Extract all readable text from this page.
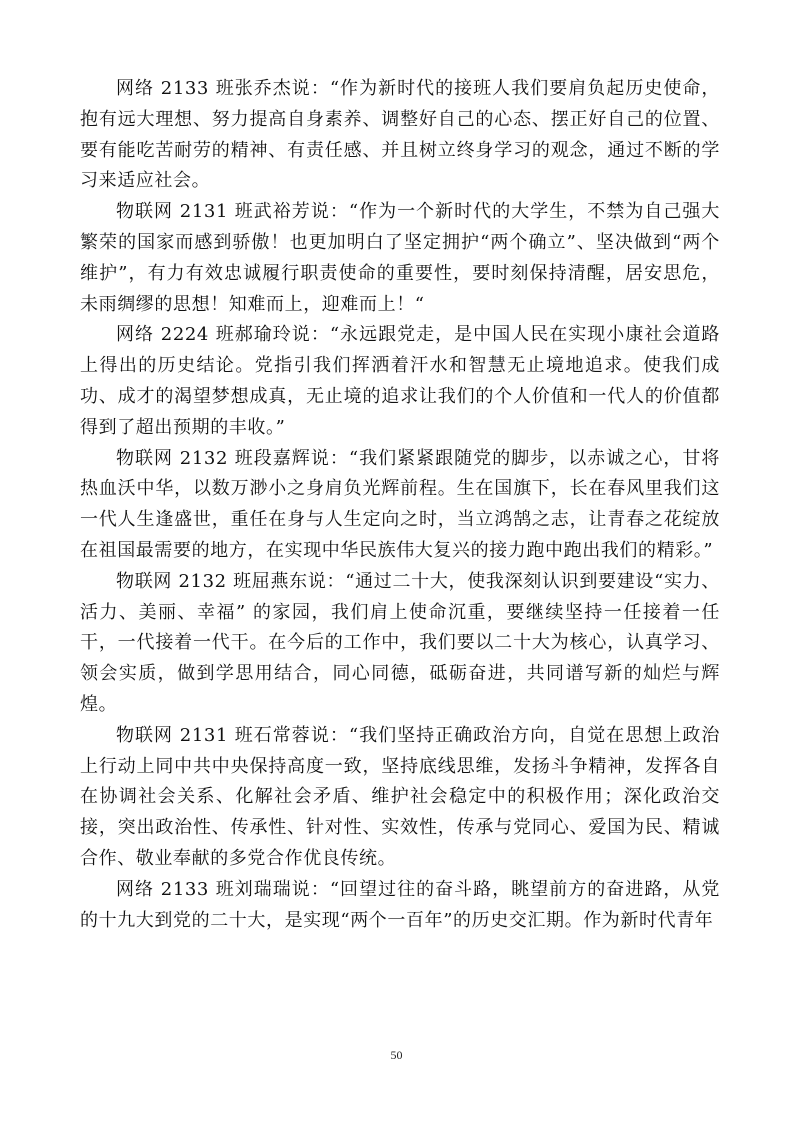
网络 2133 班张乔杰说：“作为新时代的接班人我们要肩负起历史使命，抱有远大理想、努力提高自身素养、调整好自己的心态、摆正好自己的位置、要有能吃苦耐劳的精神、有责任感、并且树立终身学习的观念，通过不断的学习来适应社会。

物联网 2131 班武裕芳说：“作为一个新时代的大学生，不禁为自己强大繁荣的国家而感到骄傲！也更加明白了坚定拥护“两个确立”、坚决做到“两个维护”，有力有效忠诚履行职责使命的重要性，要时刻保持清醒，居安思危，未雨绸缪的思想！知难而上，迎难而上！“

网络 2224 班郝瑜玲说：“永远跟党走，是中国人民在实现小康社会道路上得出的历史结论。党指引我们挥洒着汗水和智慧无止境地追求。使我们成功、成才的渴望梦想成真，无止境的追求让我们的个人价值和一代人的价值都得到了超出预期的丰收。”

物联网 2132 班段嘉辉说：“我们紧紧跟随党的脚步，以赤诚之心，甘将热血沃中华，以数万渺小之身肩负光辉前程。生在国旗下，长在春风里我们这一代人生逢盛世，重任在身与人生定向之时，当立鸿鹄之志，让青春之花绽放在祖国最需要的地方，在实现中华民族伟大复兴的接力跑中跑出我们的精彩。”

物联网 2132 班屈燕东说：“通过二十大，使我深刻认识到要建设“实力、活力、美丽、幸福” 的家园，我们肩上使命沉重，要继续坚持一任接着一任干，一代接着一代干。在今后的工作中，我们要以二十大为核心，认真学习、领会实质，做到学思用结合，同心同德，砥砺奋进，共同谱写新的灿烂与辉煌。

物联网 2131 班石常蓉说：“我们坚持正确政治方向，自觉在思想上政治上行动上同中共中央保持高度一致，坚持底线思维，发扬斗争精神，发挥各自在协调社会关系、化解社会矛盾、维护社会稳定中的积极作用；深化政治交接，突出政治性、传承性、针对性、实效性，传承与党同心、爱国为民、精诚合作、敬业奉献的多党合作优良传统。

网络 2133 班刘瑞瑞说：“回望过往的奋斗路，眺望前方的奋进路，从党的十九大到党的二十大，是实现“两个一百年”的历史交汇期。作为新时代青年

50
